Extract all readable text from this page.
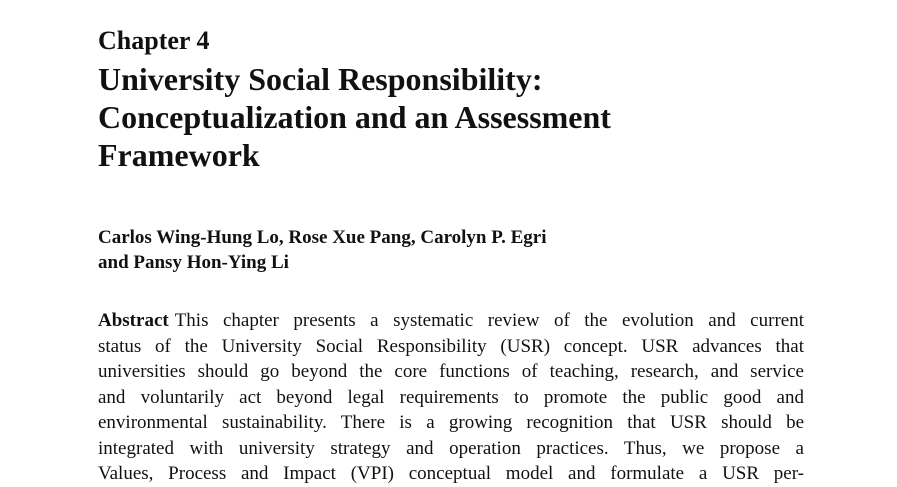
Chapter 4
University Social Responsibility:
Conceptualization and an Assessment
Framework
Carlos Wing-Hung Lo, Rose Xue Pang, Carolyn P. Egri
and Pansy Hon-Ying Li
Abstract This chapter presents a systematic review of the evolution and current
status of the University Social Responsibility (USR) concept. USR advances that
universities should go beyond the core functions of teaching, research, and service
and voluntarily act beyond legal requirements to promote the public good and
environmental sustainability. There is a growing recognition that USR should be
integrated with university strategy and operation practices. Thus, we propose a
Values, Process and Impact (VPI) conceptual model and formulate a USR per-
